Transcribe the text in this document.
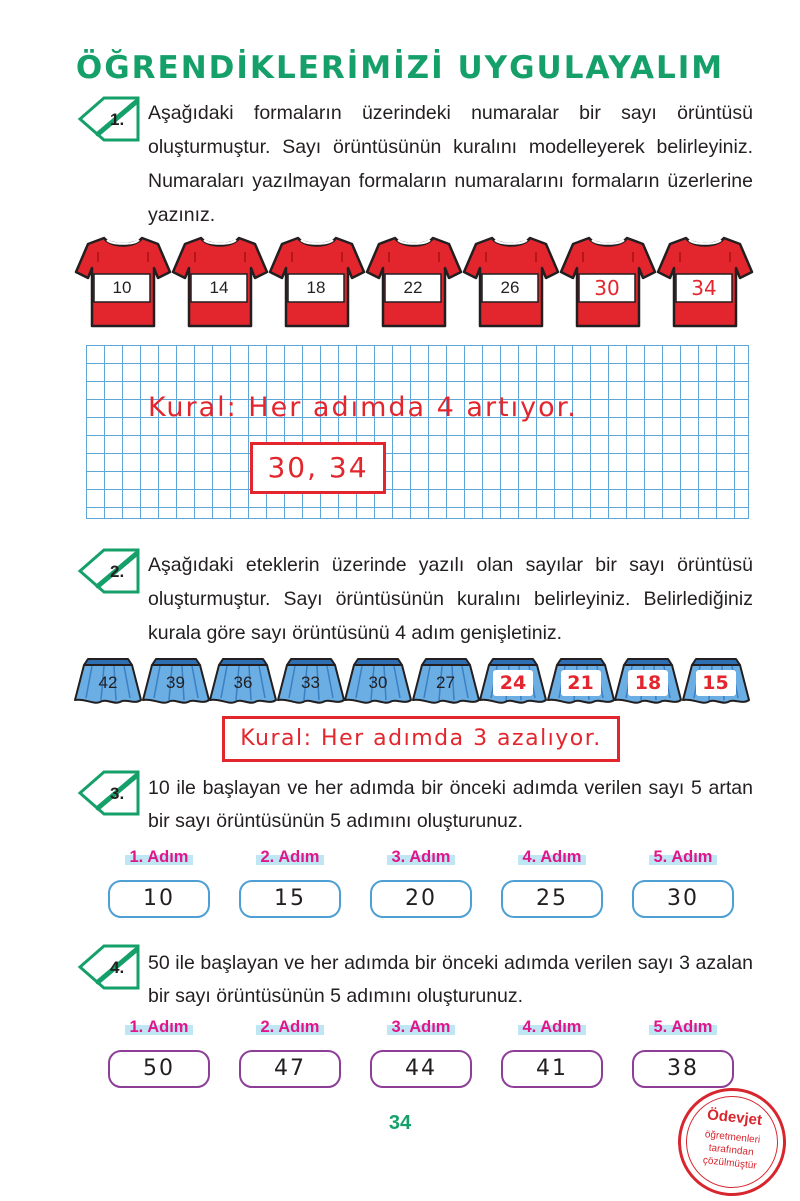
ÖĞRENDİKLERİMİZİ UYGULAYALIM
1. Aşağıdaki formaların üzerindeki numaralar bir sayı örüntüsü oluşturmuştur. Sayı örüntüsünün kuralını modelleyerek belirleyiniz. Numaraları yazılmayan formaların numaralarını formaların üzerlerine yazınız.
10	14	18	22	26	30	34
Kural: Her adımda 4 artıyor.
30, 34
2. Aşağıdaki eteklerin üzerinde yazılı olan sayılar bir sayı örüntüsü oluşturmuştur. Sayı örüntüsünün kuralını belirleyiniz. Belirlediğiniz kurala göre sayı örüntüsünü 4 adım genişletiniz.
42	39	36	33	30	27	24	21	18	15
Kural: Her adımda 3 azalıyor.
3. 10 ile başlayan ve her adımda bir önceki adımda verilen sayı 5 artan bir sayı örüntüsünün 5 adımını oluşturunuz.
1. Adım
10
2. Adım
15
3. Adım
20
4. Adım
25
5. Adım
30
4. 50 ile başlayan ve her adımda bir önceki adımda verilen sayı 3 azalan bir sayı örüntüsünün 5 adımını oluşturunuz.
1. Adım
50
2. Adım
47
3. Adım
44
4. Adım
41
5. Adım
38
34	Ödevjet
öğretmenleri
tarafından
çözülmüştür
